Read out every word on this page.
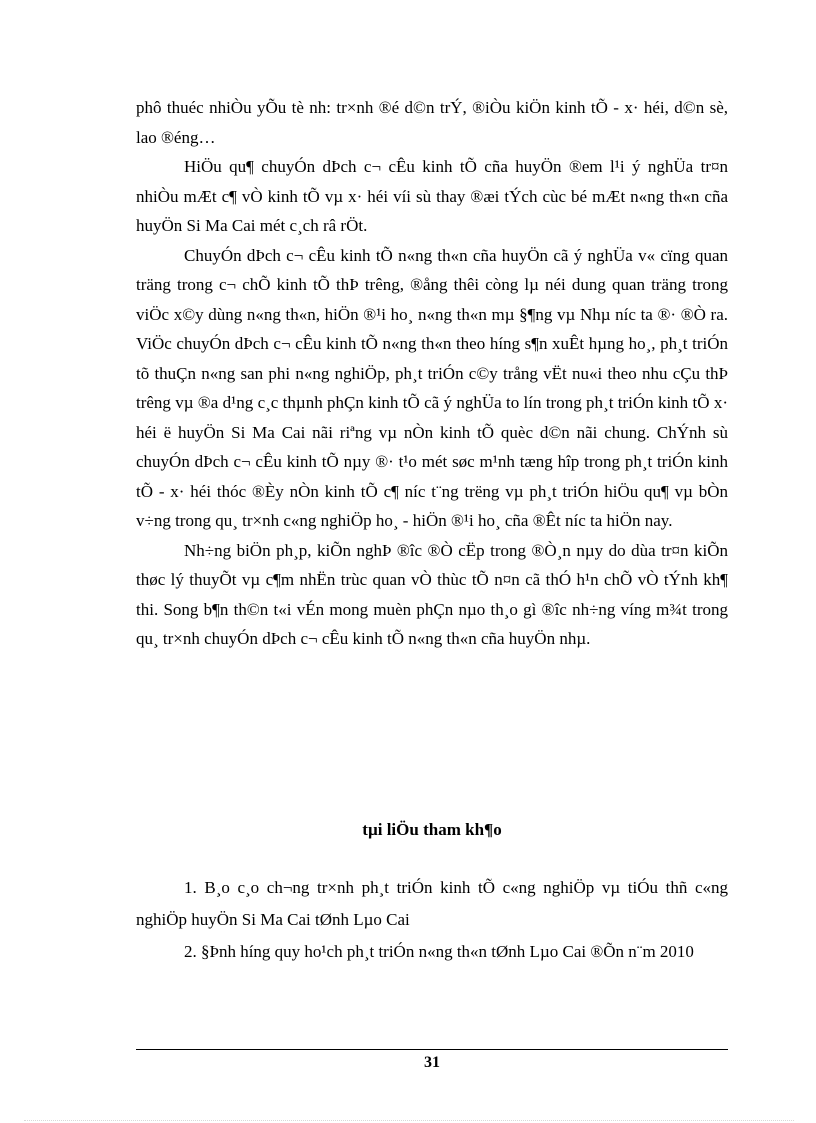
phô thuéc nhiÒu yÕu tè nh: tr×nh ®é d©n trÝ, ®iÒu kiÖn kinh tÕ - x· héi, d©n sè, lao ®éng…

HiÖu qu¶ chuyÓn dÞch c¬ cÊu kinh tÕ cña huyÖn ®em l¹i ý nghÜa tr¤n nhiÒu mÆt c¶ vÒ kinh tÕ vµ x· héi víi sù thay ®æi tÝch cùc bé mÆt n«ng th«n cña huyÖn Si Ma Cai mét c¸ch râ rÖt.

ChuyÓn dÞch c¬ cÊu kinh tÕ n«ng th«n cña huyÖn cã ý nghÜa v« cïng quan träng trong c¬ chÕ kinh tÕ thÞ trêng, ®ång thêi còng lµ néi dung quan träng trong viÖc x©y dùng n«ng th«n, hiÖn ®¹i ho¸ n«ng th«n mµ §¶ng vµ Nhµ níc ta ®· ®Ò ra. ViÖc chuyÓn dÞch c¬ cÊu kinh tÕ n«ng th«n theo híng s¶n xuÊt hµng ho¸, ph¸t triÓn tõ thuÇn n«ng san phi n«ng nghiÖp, ph¸t triÓn c©y trång vËt nu«i theo nhu cÇu thÞ trêng vµ ®a d¹ng c¸c thµnh phÇn kinh tÕ cã ý nghÜa to lín trong ph¸t triÓn kinh tÕ x· héi ë huyÖn Si Ma Cai nãi riªng vµ nÒn kinh tÕ quèc d©n nãi chung. ChÝnh sù chuyÓn dÞch c¬ cÊu kinh tÕ nµy ®· t¹o mét søc m¹nh tæng hîp trong ph¸t triÓn kinh tÕ - x· héi thóc ®Èy nÒn kinh tÕ c¶ níc t¨ng trëng vµ ph¸t triÓn hiÖu qu¶ vµ bÒn v÷ng trong qu¸ tr×nh c«ng nghiÖp ho¸ - hiÖn ®¹i ho¸ cña ®Êt níc ta hiÖn nay.

Nh÷ng biÖn ph¸p, kiÕn nghÞ ®îc ®Ò cËp trong ®Ò¸n nµy do dùa tr¤n kiÕn thøc lý thuyÕt vµ c¶m nhËn trùc quan vÒ thùc tÕ n¤n cã thÓ h¹n chÕ vÒ tÝnh kh¶ thi. Song b¶n th©n t«i vÉn mong muèn phÇn nµo th¸o gì ®îc nh÷ng víng m¾t trong qu¸ tr×nh chuyÓn dÞch c¬ cÊu kinh tÕ n«ng th«n cña huyÖn nhµ.

tµi liÖu tham kh¶o

1. B¸o c¸o ch¬ng tr×nh ph¸t triÓn kinh tÕ c«ng nghiÖp vµ tiÓu thñ c«ng nghiÖp huyÖn Si Ma Cai tØnh Lµo Cai

2. §Þnh híng quy ho¹ch ph¸t triÓn n«ng th«n tØnh Lµo Cai ®Õn n¨m 2010

31
